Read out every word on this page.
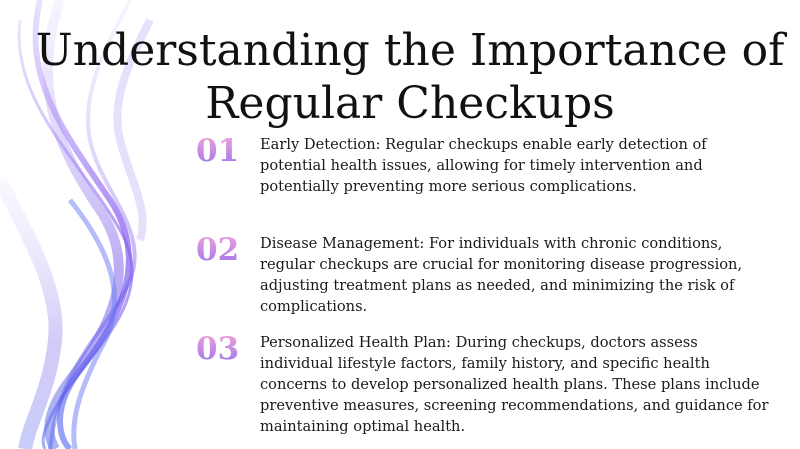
Understanding the Importance of
Regular Checkups
01 Early Detection: Regular checkups enable early detection of potential health issues, allowing for timely intervention and potentially preventing more serious complications.
02 Disease Management: For individuals with chronic conditions, regular checkups are crucial for monitoring disease progression, adjusting treatment plans as needed, and minimizing the risk of complications.
03 Personalized Health Plan: During checkups, doctors assess individual lifestyle factors, family history, and specific health concerns to develop personalized health plans. These plans include preventive measures, screening recommendations, and guidance for maintaining optimal health.
